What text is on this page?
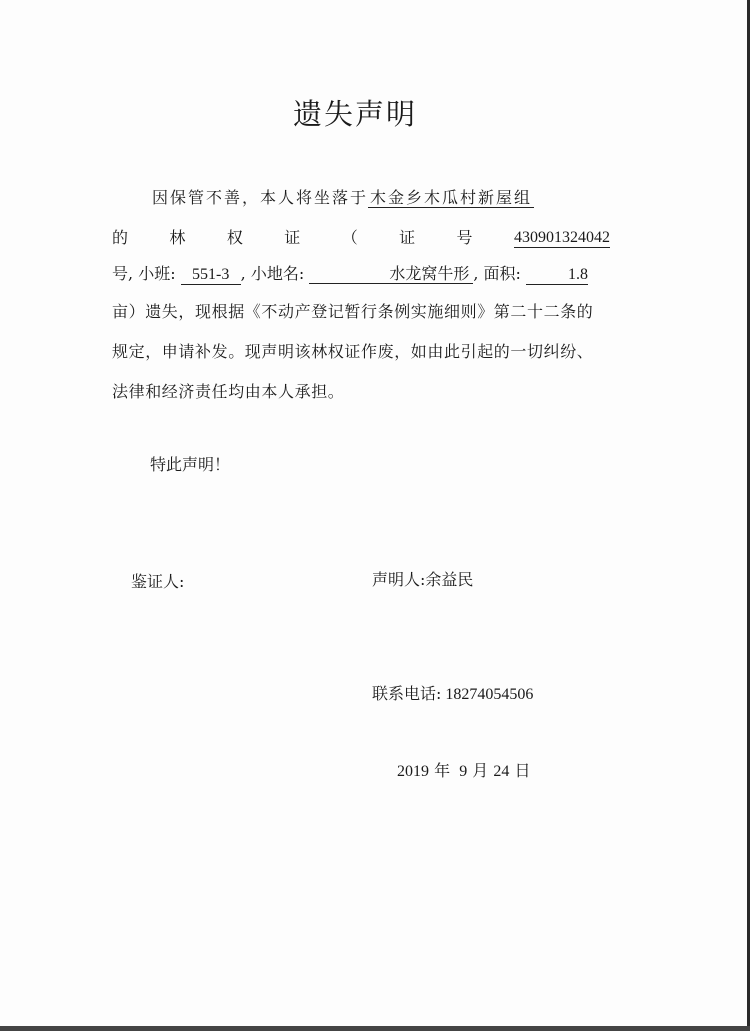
遗失声明
因保管不善，本人将坐落于 木金乡木瓜村新屋组
的	林	权	证	（	证	号	430901324042
号, 小班: 551-3 , 小地名:	水龙窝牛形 , 面积:	1.8
亩）遗失，现根据《不动产登记暂行条例实施细则》第二十二条的
规定，申请补发。现声明该林权证作废，如由此引起的一切纠纷、
法律和经济责任均由本人承担。
特此声明！
鉴证人:	声明人:余益民
联系电话: 18274054506
2019 年 9 月 24 日
